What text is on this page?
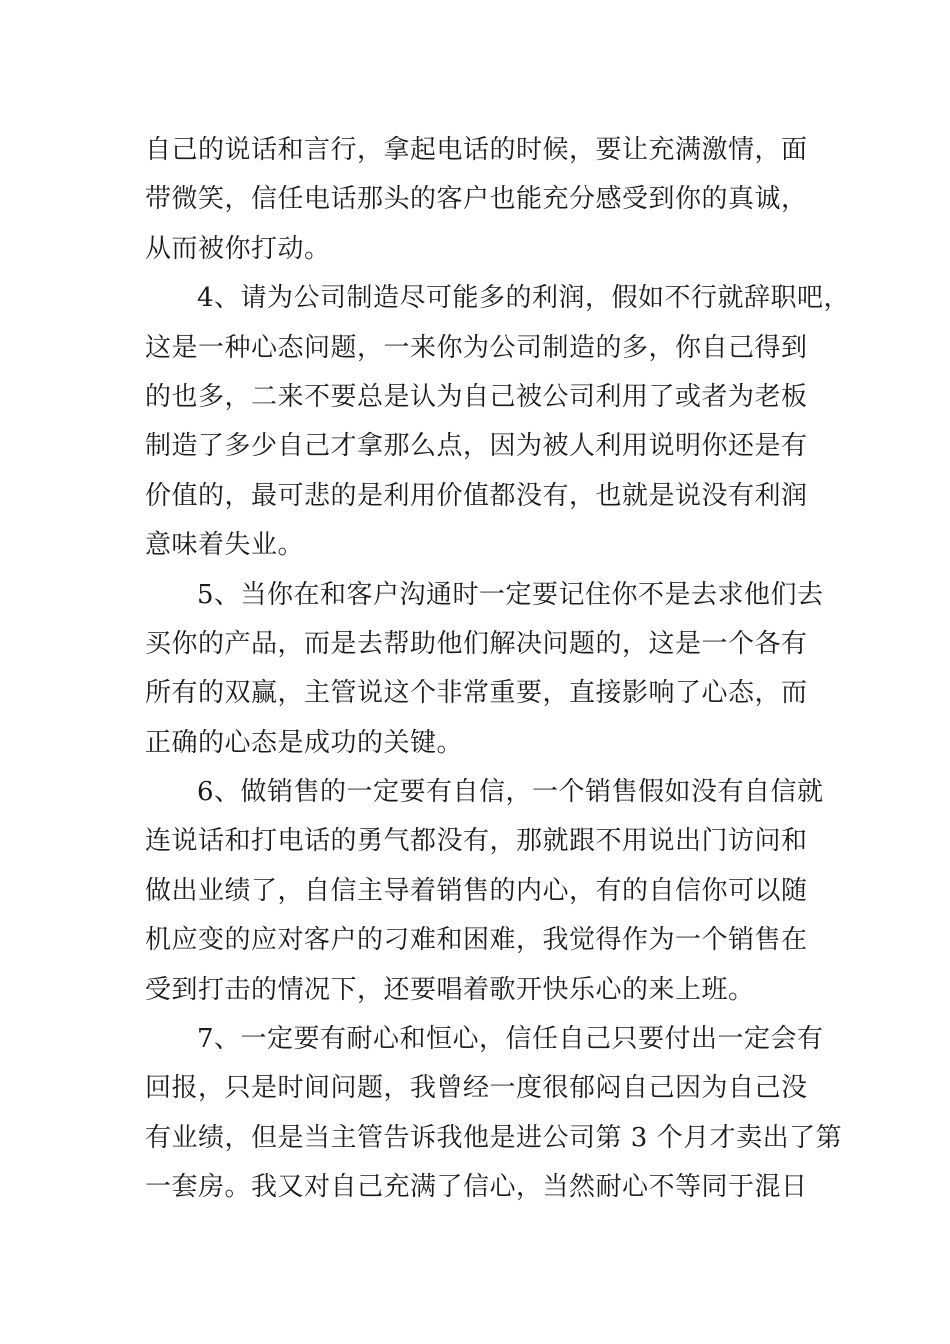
自己的说话和言行，拿起电话的时候，要让充满激情，面
带微笑，信任电话那头的客户也能充分感受到你的真诚，
从而被你打动。
4、请为公司制造尽可能多的利润，假如不行就辞职吧，
这是一种心态问题，一来你为公司制造的多，你自己得到
的也多，二来不要总是认为自己被公司利用了或者为老板
制造了多少自己才拿那么点，因为被人利用说明你还是有
价值的，最可悲的是利用价值都没有，也就是说没有利润
意味着失业。
5、当你在和客户沟通时一定要记住你不是去求他们去
买你的产品，而是去帮助他们解决问题的，这是一个各有
所有的双赢，主管说这个非常重要，直接影响了心态，而
正确的心态是成功的关键。
6、做销售的一定要有自信，一个销售假如没有自信就
连说话和打电话的勇气都没有，那就跟不用说出门访问和
做出业绩了，自信主导着销售的内心，有的自信你可以随
机应变的应对客户的刁难和困难，我觉得作为一个销售在
受到打击的情况下，还要唱着歌开快乐心的来上班。
7、一定要有耐心和恒心，信任自己只要付出一定会有
回报，只是时间问题，我曾经一度很郁闷自己因为自己没
有业绩，但是当主管告诉我他是进公司第 3 个月才卖出了第
一套房。我又对自己充满了信心，当然耐心不等同于混日
